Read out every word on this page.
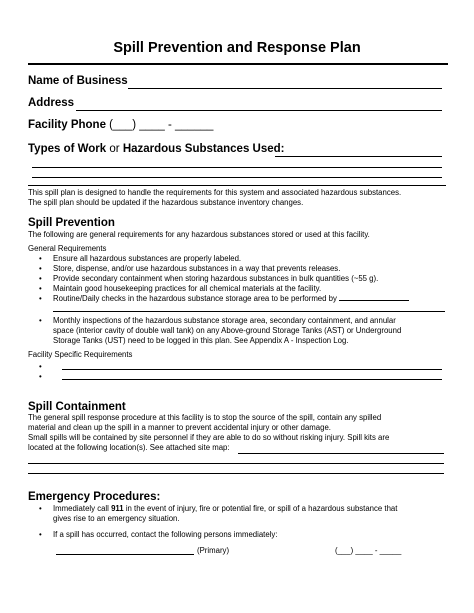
Spill Prevention and Response Plan
Name of Business
Address
Facility Phone (___) ____ - ______
Types of Work or Hazardous Substances Used:
This spill plan is designed to handle the requirements for this system and associated hazardous substances.
The spill plan should be updated if the hazardous substance inventory changes.
Spill Prevention
The following are general requirements for any hazardous substances stored or used at this facility.
General Requirements
• Ensure all hazardous substances are properly labeled.
• Store, dispense, and/or use hazardous substances in a way that prevents releases.
• Provide secondary containment when storing hazardous substances in bulk quantities (~55 g).
• Maintain good housekeeping practices for all chemical materials at the facility.
• Routine/Daily checks in the hazardous substance storage area to be performed by
• Monthly inspections of the hazardous substance storage area, secondary containment, and annular
space (interior cavity of double wall tank) on any Above-ground Storage Tanks (AST) or Underground
Storage Tanks (UST) need to be logged in this plan. See Appendix A - Inspection Log.
Facility Specific Requirements
•
•
Spill Containment
The general spill response procedure at this facility is to stop the source of the spill, contain any spilled
material and clean up the spill in a manner to prevent accidental injury or other damage.
Small spills will be contained by site personnel if they are able to do so without risking injury. Spill kits are
located at the following location(s). See attached site map:
Emergency Procedures:
• Immediately call 911 in the event of injury, fire or potential fire, or spill of a hazardous substance that
gives rise to an emergency situation.
• If a spill has occurred, contact the following persons immediately:
(Primary)	(___) ____ - _____
